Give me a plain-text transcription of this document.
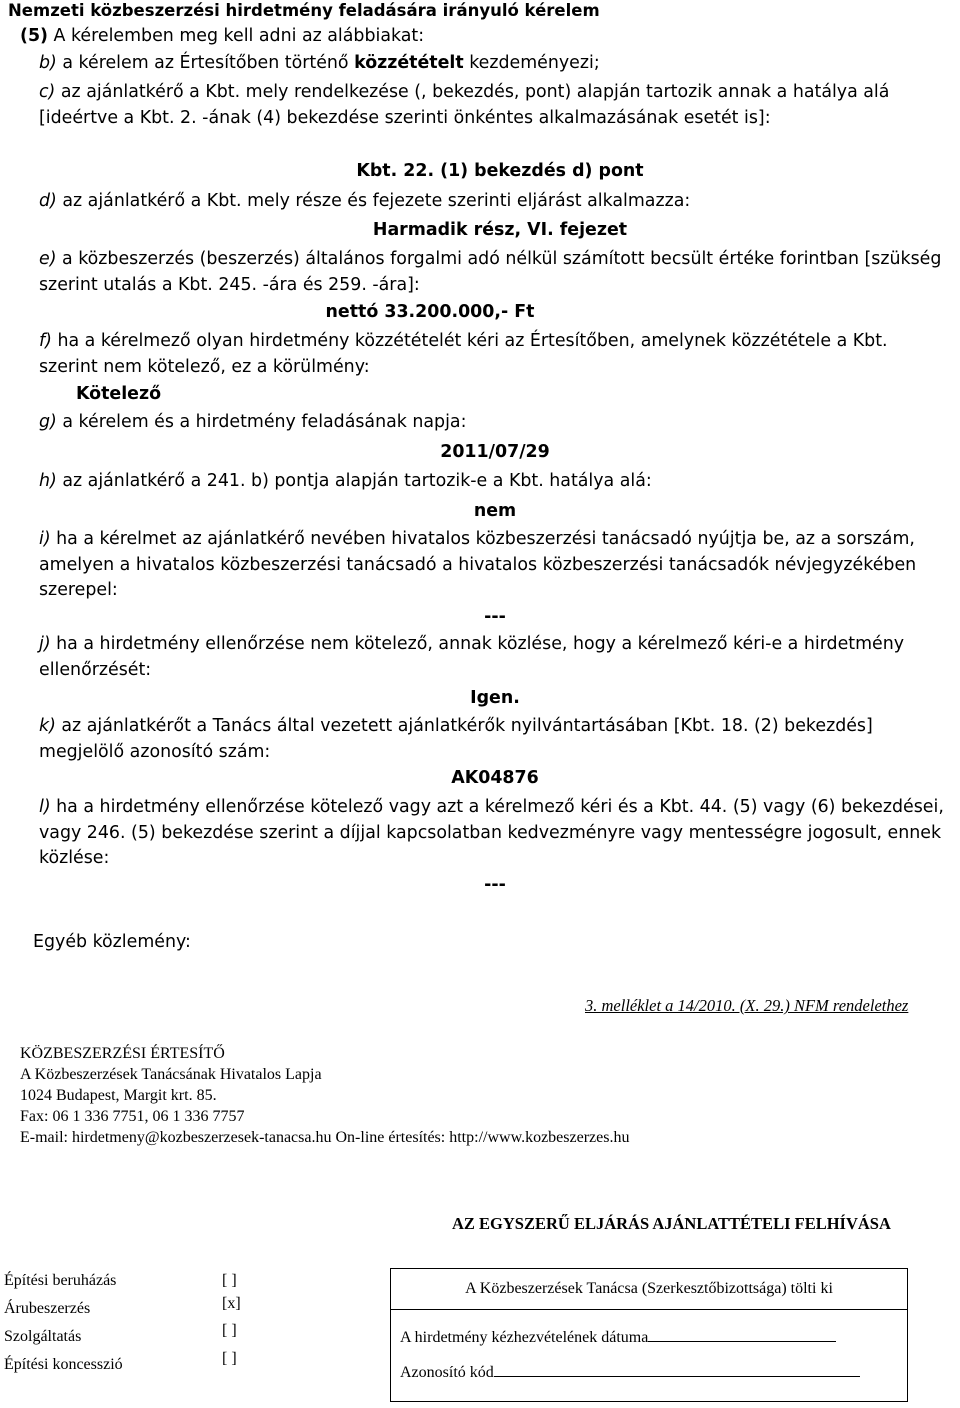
Nemzeti közbeszerzési hirdetmény feladására irányuló kérelem
(5) A kérelemben meg kell adni az alábbiakat:
b) a kérelem az Értesítőben történő közzétételt kezdeményezi;

c) az ajánlatkérő a Kbt. mely rendelkezése (, bekezdés, pont) alapján tartozik annak a hatálya alá [ideértve a Kbt. 2. -ának (4) bekezdése szerinti önkéntes alkalmazásának esetét is]:

Kbt. 22. (1) bekezdés d) pont
d) az ajánlatkérő a Kbt. mely része és fejezete szerinti eljárást alkalmazza:
Harmadik rész, VI. fejezet

e) a közbeszerzés (beszerzés) általános forgalmi adó nélkül számított becsült értéke forintban [szükség szerint utalás a Kbt. 245. -ára és 259. -ára]:

nettó 33.200.000,- Ft

f) ha a kérelmező olyan hirdetmény közzétételét kéri az Értesítőben, amelynek közzététele a Kbt. szerint nem kötelező, ez a körülmény:

Kötelező
g) a kérelem és a hirdetmény feladásának napja:
2011/07/29
h) az ajánlatkérő a 241. b) pontja alapján tartozik-e a Kbt. hatálya alá:
nem

i) ha a kérelmet az ajánlatkérő nevében hivatalos közbeszerzési tanácsadó nyújtja be, az a sorszám, amelyen a hivatalos közbeszerzési tanácsadó a hivatalos közbeszerzési tanácsadók névjegyzékében szerepel:

---

j) ha a hirdetmény ellenőrzése nem kötelező, annak közlése, hogy a kérelmező kéri-e a hirdetmény ellenőrzését:

Igen.

k) az ajánlatkérőt a Tanács által vezetett ajánlatkérők nyilvántartásában [Kbt. 18. (2) bekezdés] megjelölő azonosító szám:

AK04876

l) ha a hirdetmény ellenőrzése kötelező vagy azt a kérelmező kéri és a Kbt. 44. (5) vagy (6) bekezdései, vagy 246. (5) bekezdése szerint a díjjal kapcsolatban kedvezményre vagy mentességre jogosult, ennek közlése:

---
Egyéb közlemény:
3. melléklet a 14/2010. (X. 29.) NFM rendelethez
KÖZBESZERZÉSI ÉRTESÍTŐ
A Közbeszerzések Tanácsának Hivatalos Lapja
1024 Budapest, Margit krt. 85.
Fax: 06 1 336 7751, 06 1 336 7757
E-mail: hirdetmeny@kozbeszerzesek-tanacsa.hu On-line értesítés: http://www.kozbeszerzes.hu
AZ EGYSZERŰ ELJÁRÁS AJÁNLATTÉTELI FELHÍVÁSA
Építési beruházás	[ ]
Árubeszerzés	[x]
Szolgáltatás	[ ]
Építési koncesszió	[ ]
A Közbeszerzések Tanácsa (Szerkesztőbizottsága) tölti ki
A hirdetmény kézhezvételének dátuma
Azonosító kód
